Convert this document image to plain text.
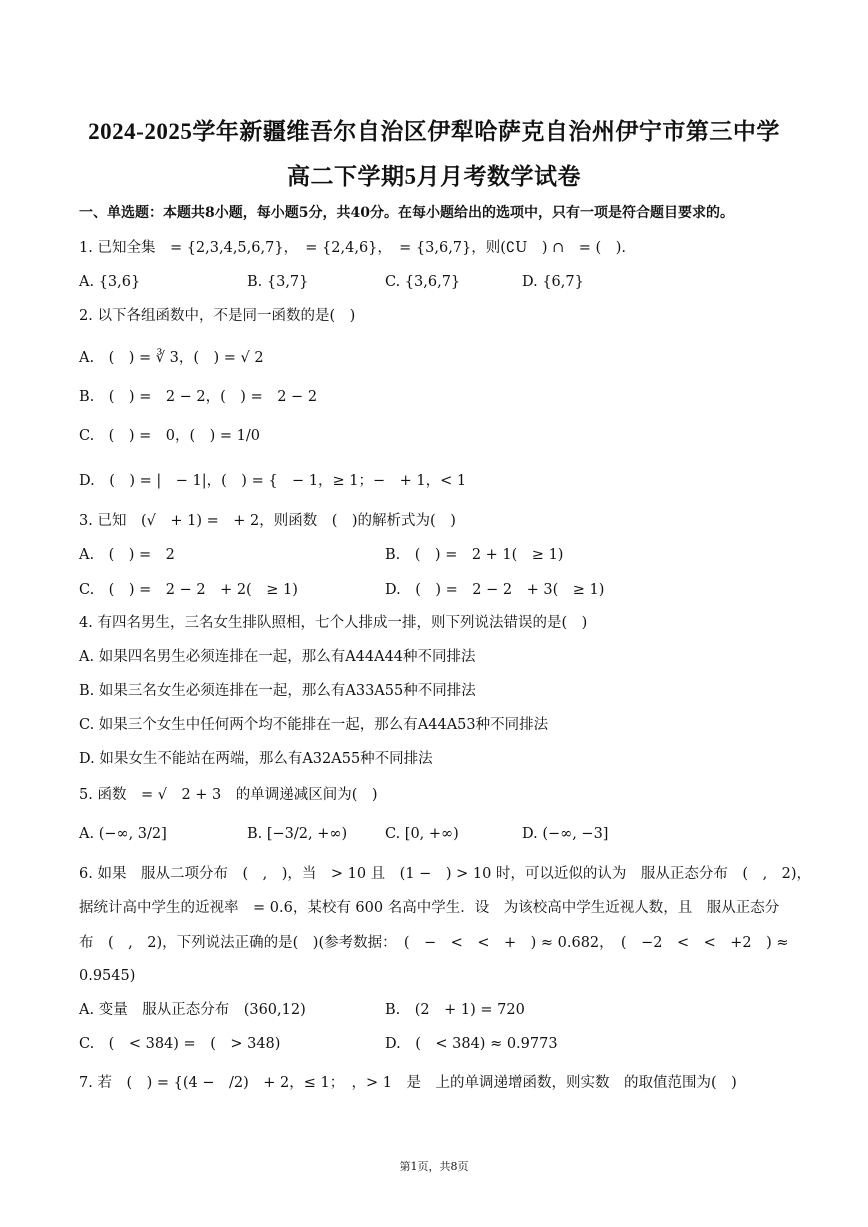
2024-2025学年新疆维吾尔自治区伊犁哈萨克自治州伊宁市第三中学
高二下学期5月月考数学试卷
一、单选题：本题共8小题，每小题5分，共40分。在每小题给出的选项中，只有一项是符合题目要求的。
1. 已知全集　= {2,3,4,5,6,7}，　= {2,4,6}，　= {3,6,7}，则(∁U　) ∩　= (　).
A. {3,6}	B. {3,7}	C. {3,6,7}	D. {6,7}
2. 以下各组函数中，不是同一函数的是(　)
A.　(　) = ∛ 3，(　) = √ 2
B.　(　) =　2 − 2，(　) =　2 − 2
C.　(　) =　0，(　) = 1/0
D.　(　) = |　− 1|，(　) = {　− 1，≥ 1；−　+ 1，< 1
3. 已知　(√　+ 1) =　+ 2，则函数　(　)的解析式为(　)
A.　(　) =　2	B.　(　) =　2 + 1(　≥ 1)
C.　(　) =　2 − 2　+ 2(　≥ 1)	D.　(　) =　2 − 2　+ 3(　≥ 1)
4. 有四名男生，三名女生排队照相，七个人排成一排，则下列说法错误的是(　)
A. 如果四名男生必须连排在一起，那么有A44A44种不同排法
B. 如果三名女生必须连排在一起，那么有A33A55种不同排法
C. 如果三个女生中任何两个均不能排在一起，那么有A44A53种不同排法
D. 如果女生不能站在两端，那么有A32A55种不同排法
5. 函数　= √　2 + 3　的单调递减区间为(　)
A. (−∞, 3/2]	B. [−3/2, +∞)	C. [0, +∞)	D. (−∞, −3]
6. 如果　服从二项分布　(　,　)，当　> 10 且　(1 −　) > 10 时，可以近似的认为　服从正态分布　(　,　2)，
据统计高中学生的近视率　= 0.6，某校有 600 名高中学生．设　为该校高中学生近视人数，且　服从正态分
布　(　,　2)，下列说法正确的是(　)(参考数据：　(　−　<　<　+　) ≈ 0.682，　(　−2　<　<　+2　) ≈
0.9545)
A. 变量　服从正态分布　(360,12)	B.　(2　+ 1) = 720
C.　(　< 384) =　(　> 348)	D.　(　< 384) ≈ 0.9773
7. 若　(　) = {(4 −　/2)　+ 2，≤ 1；　，> 1　是　上的单调递增函数，则实数　的取值范围为(　)
第1页，共8页
